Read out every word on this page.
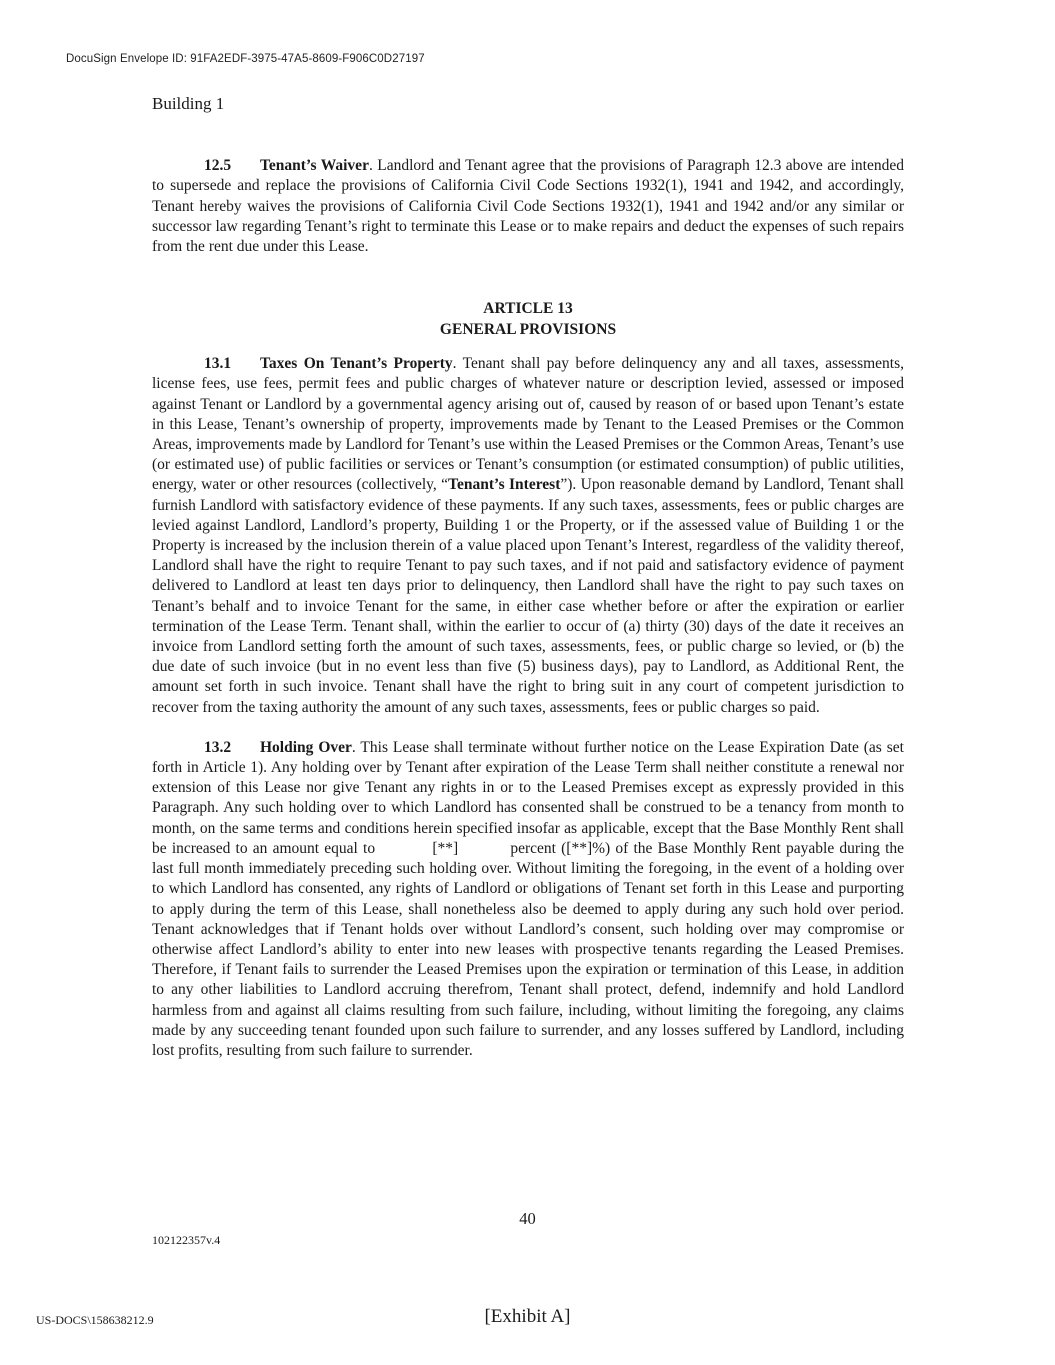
DocuSign Envelope ID: 91FA2EDF-3975-47A5-8609-F906C0D27197

Building 1

12.5 Tenant’s Waiver. Landlord and Tenant agree that the provisions of Paragraph 12.3 above are intended to supersede and replace the provisions of California Civil Code Sections 1932(1), 1941 and 1942, and accordingly, Tenant hereby waives the provisions of California Civil Code Sections 1932(1), 1941 and 1942 and/or any similar or successor law regarding Tenant’s right to terminate this Lease or to make repairs and deduct the expenses of such repairs from the rent due under this Lease.

ARTICLE 13
GENERAL PROVISIONS

13.1 Taxes On Tenant’s Property. Tenant shall pay before delinquency any and all taxes, assessments, license fees, use fees, permit fees and public charges of whatever nature or description levied, assessed or imposed against Tenant or Landlord by a governmental agency arising out of, caused by reason of or based upon Tenant’s estate in this Lease, Tenant’s ownership of property, improvements made by Tenant to the Leased Premises or the Common Areas, improvements made by Landlord for Tenant’s use within the Leased Premises or the Common Areas, Tenant’s use (or estimated use) of public facilities or services or Tenant’s consumption (or estimated consumption) of public utilities, energy, water or other resources (collectively, “Tenant’s Interest”). Upon reasonable demand by Landlord, Tenant shall furnish Landlord with satisfactory evidence of these payments. If any such taxes, assessments, fees or public charges are levied against Landlord, Landlord’s property, Building 1 or the Property, or if the assessed value of Building 1 or the Property is increased by the inclusion therein of a value placed upon Tenant’s Interest, regardless of the validity thereof, Landlord shall have the right to require Tenant to pay such taxes, and if not paid and satisfactory evidence of payment delivered to Landlord at least ten days prior to delinquency, then Landlord shall have the right to pay such taxes on Tenant’s behalf and to invoice Tenant for the same, in either case whether before or after the expiration or earlier termination of the Lease Term. Tenant shall, within the earlier to occur of (a) thirty (30) days of the date it receives an invoice from Landlord setting forth the amount of such taxes, assessments, fees, or public charge so levied, or (b) the due date of such invoice (but in no event less than five (5) business days), pay to Landlord, as Additional Rent, the amount set forth in such invoice. Tenant shall have the right to bring suit in any court of competent jurisdiction to recover from the taxing authority the amount of any such taxes, assessments, fees or public charges so paid.

13.2 Holding Over. This Lease shall terminate without further notice on the Lease Expiration Date (as set forth in Article 1). Any holding over by Tenant after expiration of the Lease Term shall neither constitute a renewal nor extension of this Lease nor give Tenant any rights in or to the Leased Premises except as expressly provided in this Paragraph. Any such holding over to which Landlord has consented shall be construed to be a tenancy from month to month, on the same terms and conditions herein specified insofar as applicable, except that the Base Monthly Rent shall be increased to an amount equal to	[**]	percent ([**]%) of the Base Monthly Rent payable during the last full month immediately preceding such holding over. Without limiting the foregoing, in the event of a holding over to which Landlord has consented, any rights of Landlord or obligations of Tenant set forth in this Lease and purporting to apply during the term of this Lease, shall nonetheless also be deemed to apply during any such hold over period. Tenant acknowledges that if Tenant holds over without Landlord’s consent, such holding over may compromise or otherwise affect Landlord’s ability to enter into new leases with prospective tenants regarding the Leased Premises. Therefore, if Tenant fails to surrender the Leased Premises upon the expiration or termination of this Lease, in addition to any other liabilities to Landlord accruing therefrom, Tenant shall protect, defend, indemnify and hold Landlord harmless from and against all claims resulting from such failure, including, without limiting the foregoing, any claims made by any succeeding tenant founded upon such failure to surrender, and any losses suffered by Landlord, including lost profits, resulting from such failure to surrender.

40
102122357v.4
US-DOCS\158638212.9	[Exhibit A]
